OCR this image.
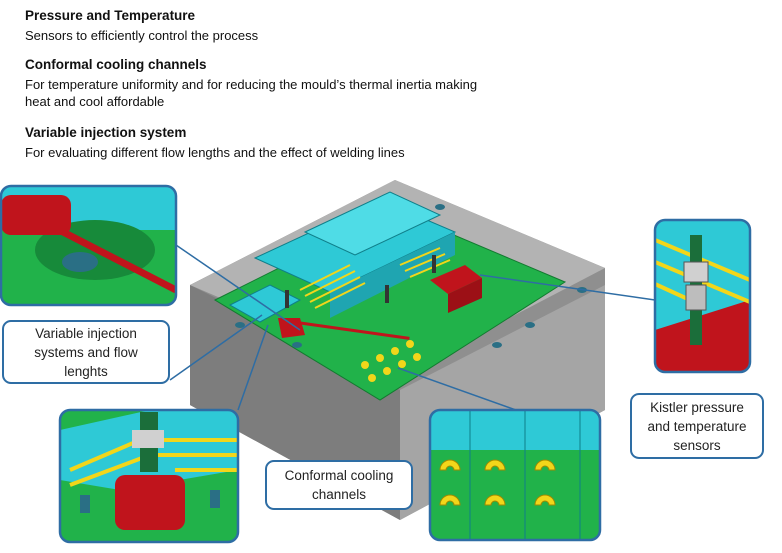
Pressure and Temperature
Sensors to efficiently control the process
Conformal cooling channels
For temperature uniformity and for reducing the mould’s thermal inertia making
heat and cool affordable
Variable injection system
For evaluating different flow lengths and the effect of welding lines
Variable injection
systems and flow
lenghts
Conformal cooling
channels
Kistler pressure
and temperature
sensors
